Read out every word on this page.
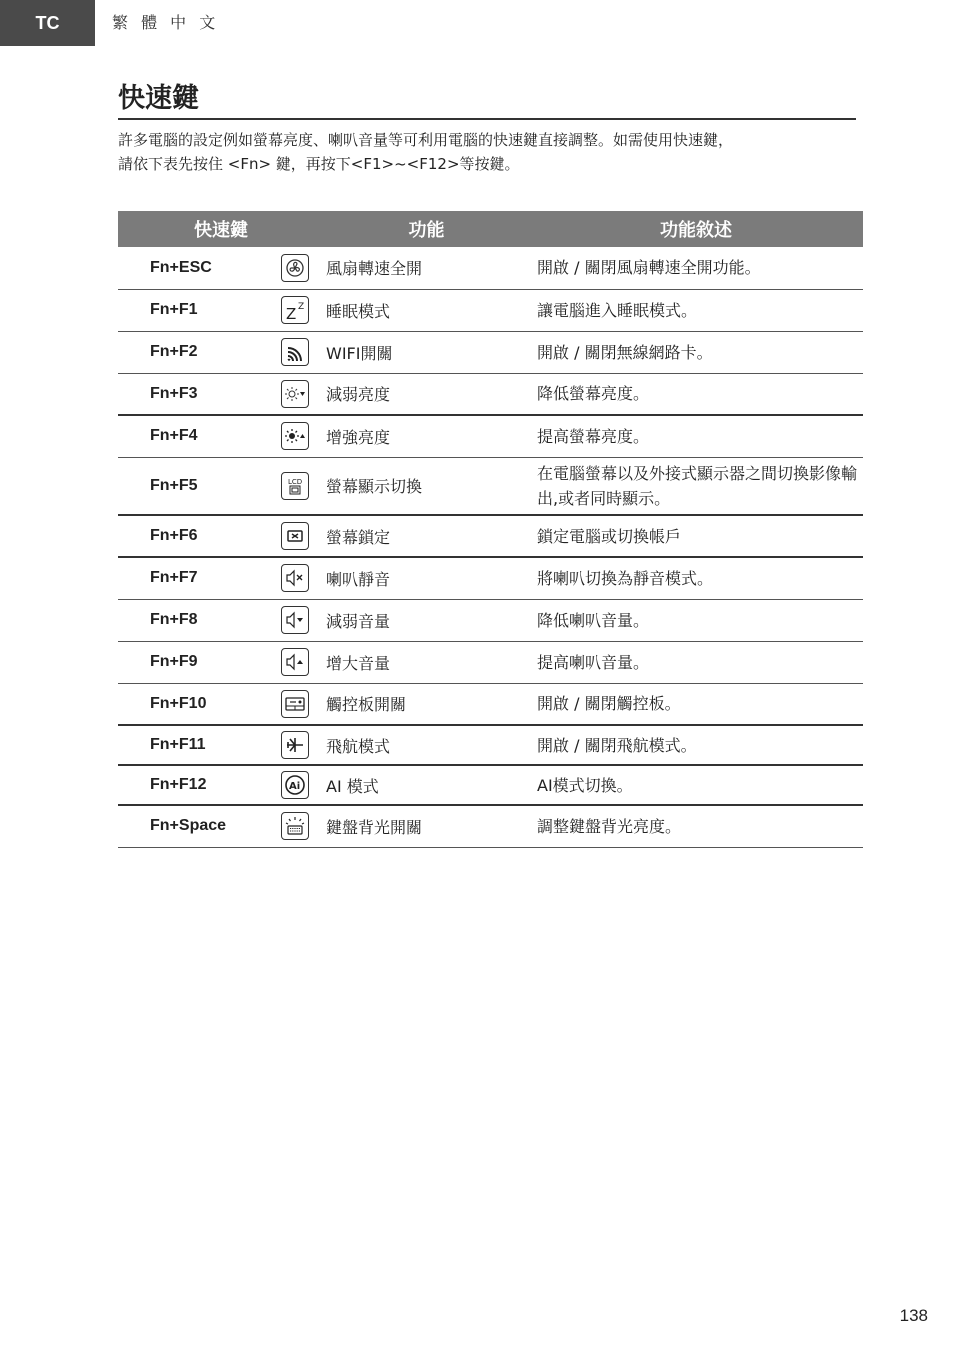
TC	繁 體 中 文
快速鍵

許多電腦的設定例如螢幕亮度、喇叭音量等可利用電腦的快速鍵直接調整。如需使用快速鍵，

請依下表先按住 <Fn> 鍵，再按下<F1>~<F12>等按鍵。

快速鍵		功能	功能敘述
Fn+ESC		風扇轉速全開	開啟 / 關閉風扇轉速全開功能。
Fn+F1	Z Z	睡眠模式	讓電腦進入睡眠模式。
Fn+F2		WIFI開關	開啟 / 關閉無線網路卡。
Fn+F3		減弱亮度	降低螢幕亮度。
Fn+F4		增強亮度	提高螢幕亮度。
Fn+F5	LCD	螢幕顯示切換	在電腦螢幕以及外接式顯示器之間切換影像輸出,或者同時顯示。
Fn+F6		螢幕鎖定	鎖定電腦或切換帳戶
Fn+F7		喇叭靜音	將喇叭切換為靜音模式。
Fn+F8		減弱音量	降低喇叭音量。
Fn+F9		增大音量	提高喇叭音量。
Fn+F10		觸控板開關	開啟 / 關閉觸控板。
Fn+F11		飛航模式	開啟 / 關閉飛航模式。
Fn+F12	Ai	AI 模式	AI模式切換。
Fn+Space		鍵盤背光開關	調整鍵盤背光亮度。
138
